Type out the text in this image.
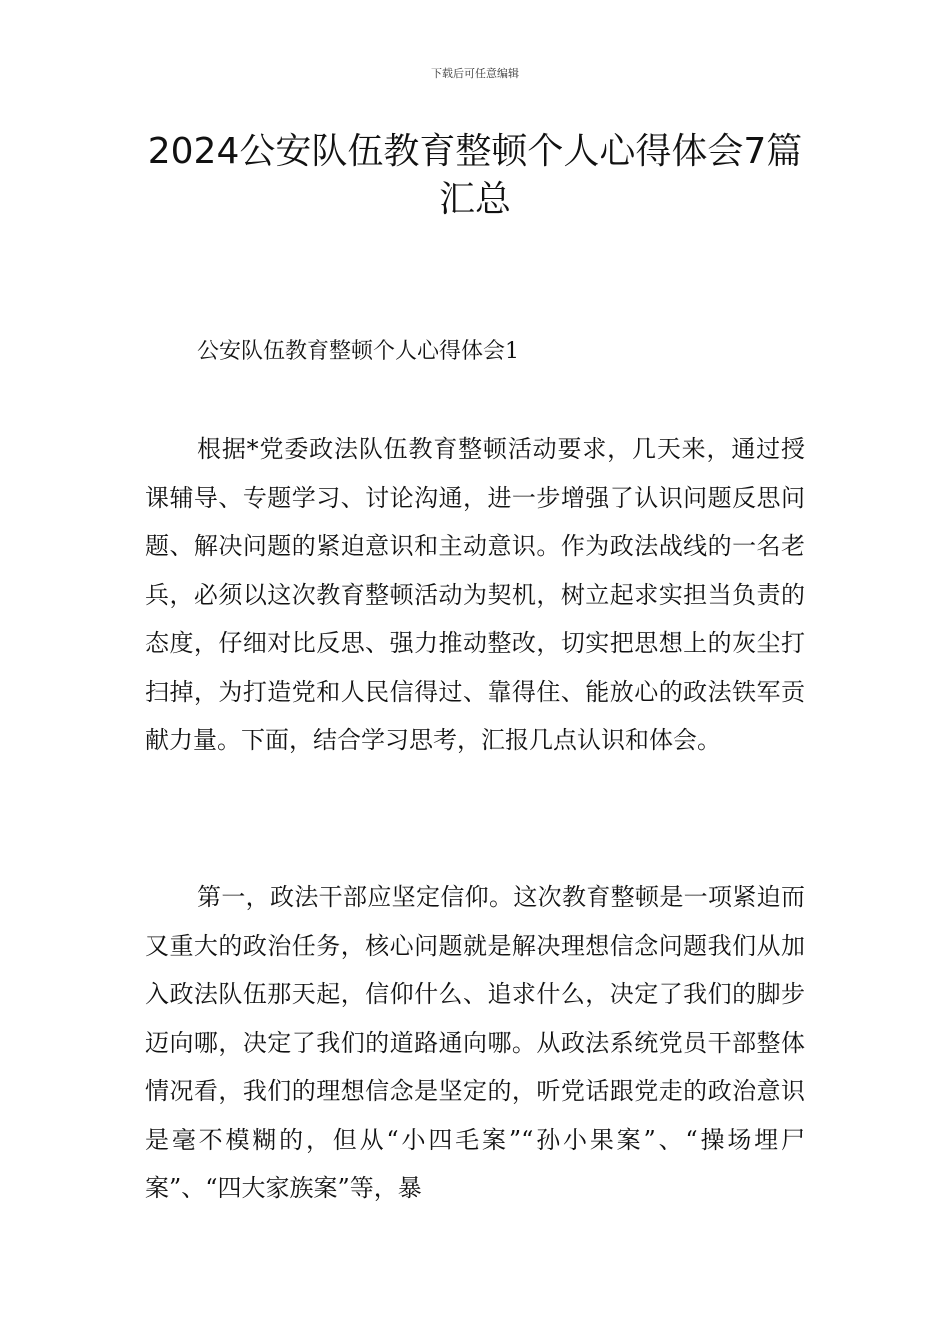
下载后可任意编辑
2024公安队伍教育整顿个人心得体会7篇汇总
公安队伍教育整顿个人心得体会1

根据*党委政法队伍教育整顿活动要求，几天来，通过授课辅导、专题学习、讨论沟通，进一步增强了认识问题反思问题、解决问题的紧迫意识和主动意识。作为政法战线的一名老兵，必须以这次教育整顿活动为契机，树立起求实担当负责的态度，仔细对比反思、强力推动整改，切实把思想上的灰尘打扫掉，为打造党和人民信得过、靠得住、能放心的政法铁军贡献力量。下面，结合学习思考，汇报几点认识和体会。

第一，政法干部应坚定信仰。这次教育整顿是一项紧迫而又重大的政治任务，核心问题就是解决理想信念问题我们从加入政法队伍那天起，信仰什么、追求什么，决定了我们的脚步迈向哪，决定了我们的道路通向哪。从政法系统党员干部整体情况看，我们的理想信念是坚定的，听党话跟党走的政治意识是毫不模糊的，但从“小四毛案”“孙小果案”、“操场埋尸案”、“四大家族案”等，暴
